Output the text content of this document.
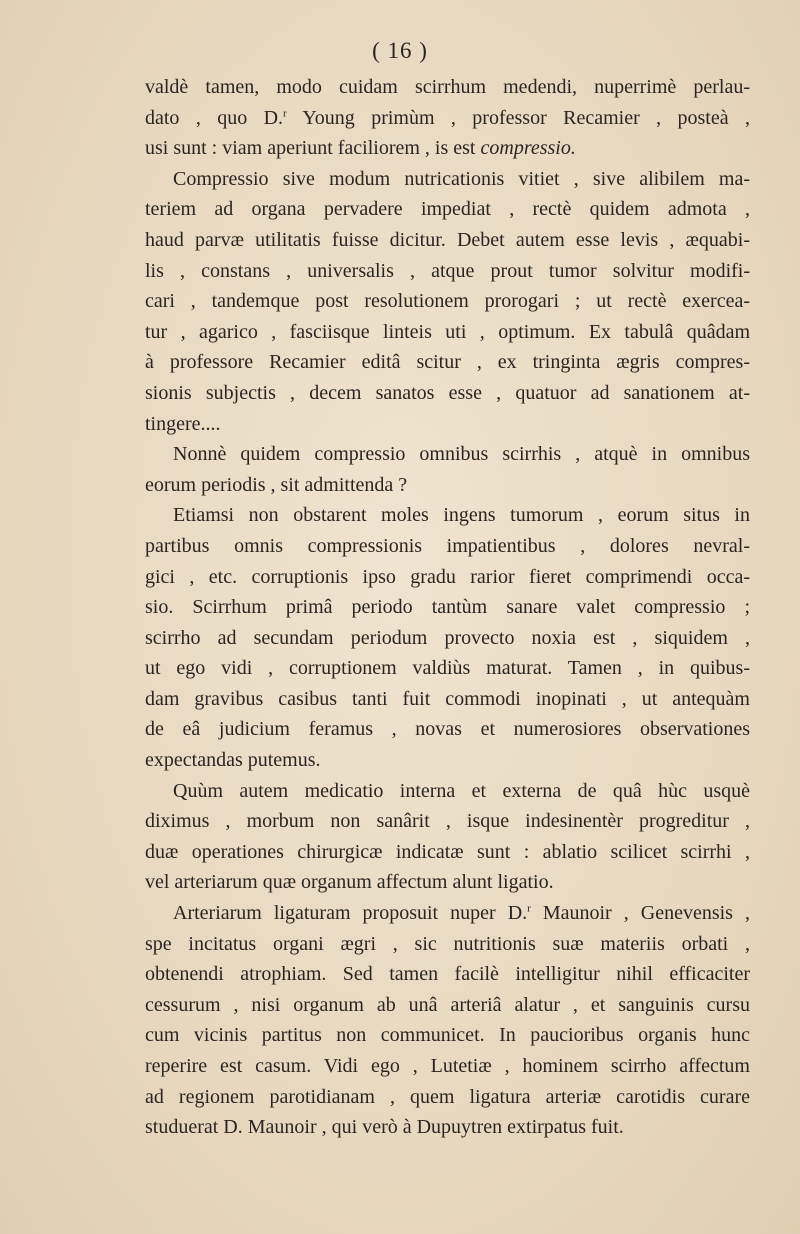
( 16 )
valdè tamen, modo cuidam scirrhum medendi, nuperrimè perlau-
dato , quo D.$^r$ Young primùm , professor Recamier , posteà ,
usi sunt : viam aperiunt faciliorem , is est compressio.
Compressio sive modum nutricationis vitiet , sive alibilem ma-
teriem ad organa pervadere impediat , rectè quidem admota ,
haud parvæ utilitatis fuisse dicitur. Debet autem esse levis , æquabi-
lis , constans , universalis , atque prout tumor solvitur modifi-
cari , tandemque post resolutionem prorogari ; ut rectè exercea-
tur , agarico , fasciisque linteis uti , optimum. Ex tabulâ quâdam
à professore Recamier editâ scitur , ex tringinta ægris compres-
sionis subjectis , decem sanatos esse , quatuor ad sanationem at-
tingere....
Nonnè quidem compressio omnibus scirrhis , atquè in omnibus
eorum periodis , sit admittenda ?
Etiamsi non obstarent moles ingens tumorum , eorum situs in
partibus omnis compressionis impatientibus , dolores nevral-
gici , etc. corruptionis ipso gradu rarior fieret comprimendi occa-
sio. Scirrhum primâ periodo tantùm sanare valet compressio ;
scirrho ad secundam periodum provecto noxia est , siquidem ,
ut ego vidi , corruptionem valdiùs maturat. Tamen , in quibus-
dam gravibus casibus tanti fuit commodi inopinati , ut antequàm
de eâ judicium feramus , novas et numerosiores observationes
expectandas putemus.
Quùm autem medicatio interna et externa de quâ hùc usquè
diximus , morbum non sanârit , isque indesinentèr progreditur ,
duæ operationes chirurgicæ indicatæ sunt : ablatio scilicet scirrhi ,
vel arteriarum quæ organum affectum alunt ligatio.
Arteriarum ligaturam proposuit nuper D.$^r$ Maunoir , Genevensis ,
spe incitatus organi ægri , sic nutritionis suæ materiis orbati ,
obtenendi atrophiam. Sed tamen facilè intelligitur nihil efficaciter
cessurum , nisi organum ab unâ arteriâ alatur , et sanguinis cursu
cum vicinis partitus non communicet. In paucioribus organis hunc
reperire est casum. Vidi ego , Lutetiæ , hominem scirrho affectum
ad regionem parotidianam , quem ligatura arteriæ carotidis curare
studuerat D. Maunoir , qui verò à Dupuytren extirpatus fuit.
